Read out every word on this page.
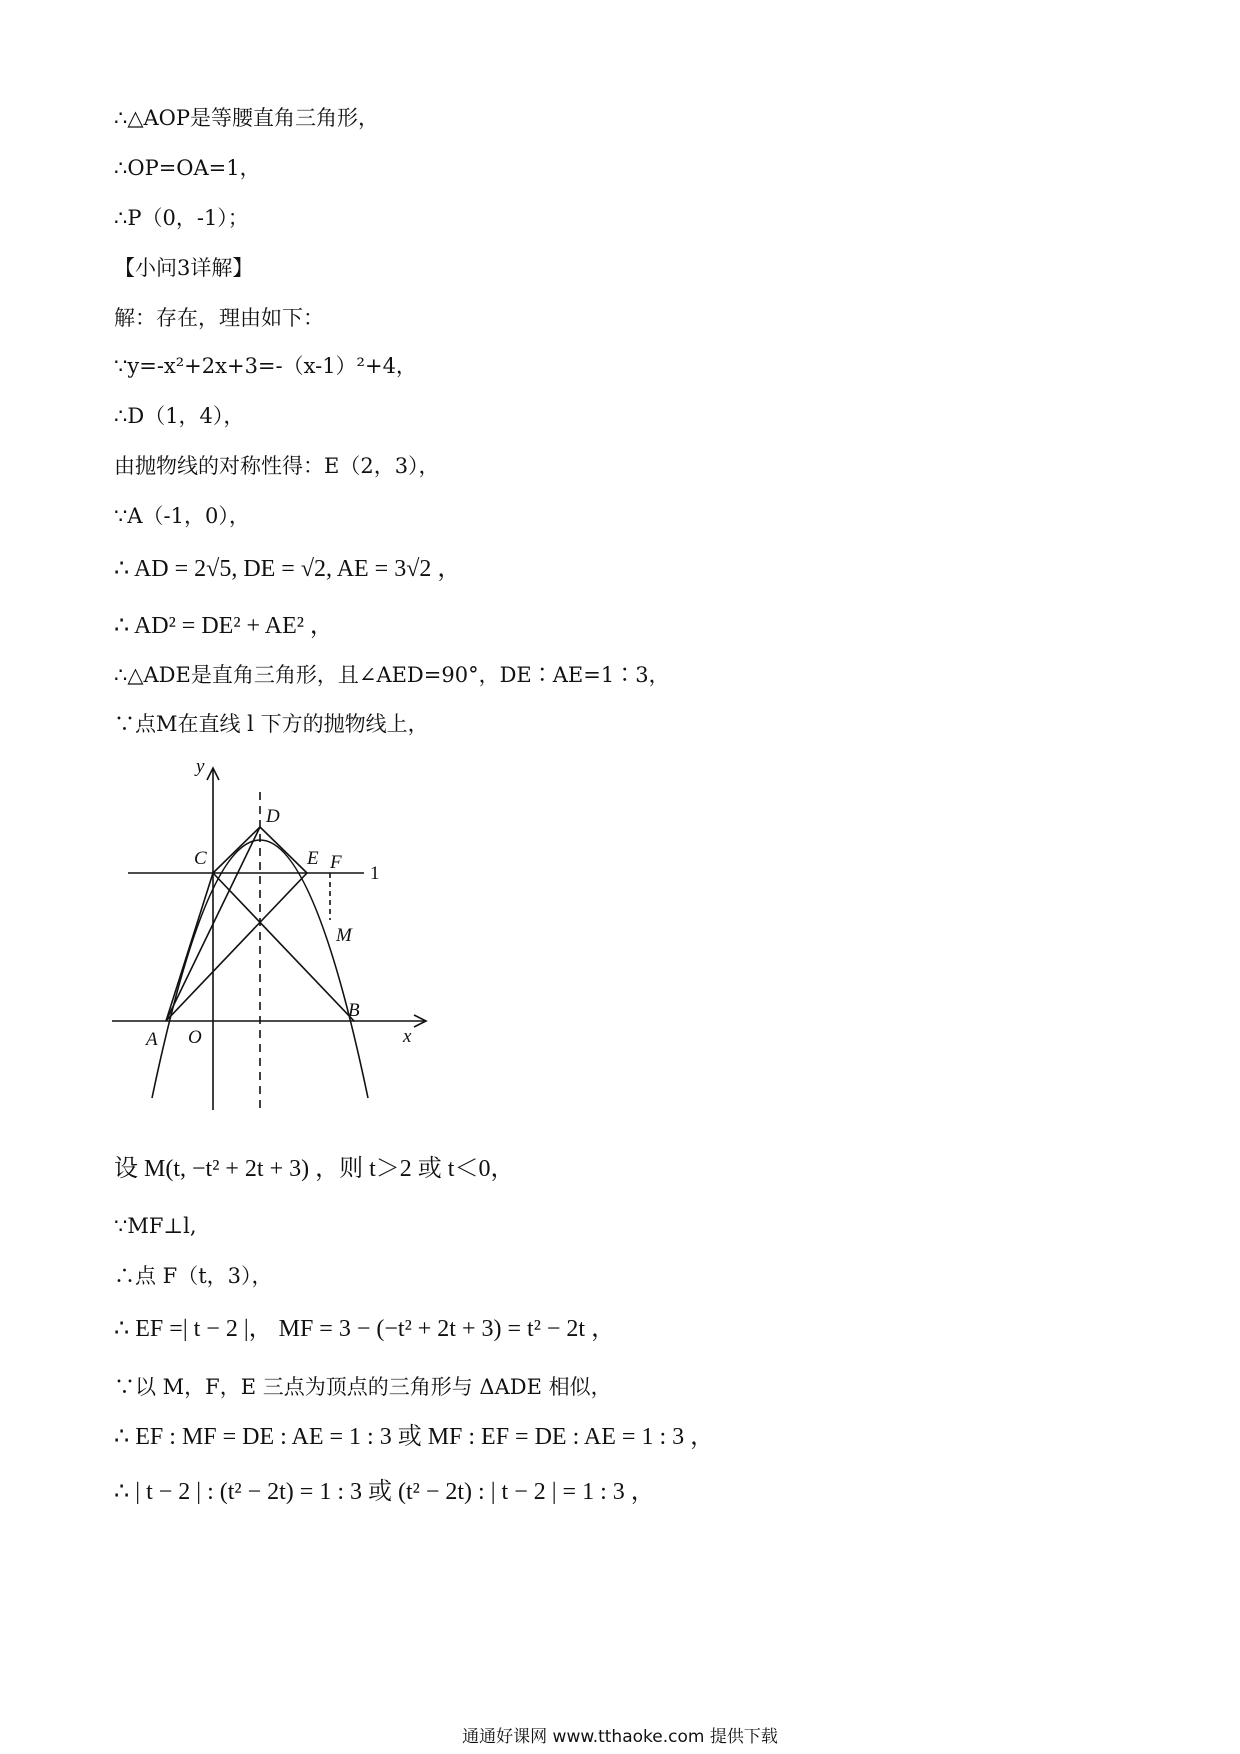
∴△AOP是等腰直角三角形，
∴OP=OA=1，
∴P（0，-1）；
【小问3详解】
解：存在，理由如下：
∵y=-x²+2x+3=-（x-1）²+4，
∴D（1，4），
由抛物线的对称性得：E（2，3），
∵A（-1，0），
∴ AD = 2√5, DE = √2, AE = 3√2 ，
∴ AD² = DE² + AE² ，
∴△ADE是直角三角形，且∠AED=90°，DE∶AE=1∶3，
∵点M在直线 l 下方的抛物线上，
y
x
O
A
B
C
D
E F
M
1
设 M(t, −t² + 2t + 3) ，则 t＞2 或 t＜0，
∵MF⊥l,
∴点 F（t，3），
∴ EF =| t − 2 |， MF = 3 − (−t² + 2t + 3) = t² − 2t ，
∵以 M，F，E 三点为顶点的三角形与 ΔADE 相似，
∴ EF : MF = DE : AE = 1 : 3 或 MF : EF = DE : AE = 1 : 3 ，
∴ | t − 2 | : (t² − 2t) = 1 : 3 或 (t² − 2t) : | t − 2 | = 1 : 3 ，
通通好课网 www.tthaoke.com 提供下载
